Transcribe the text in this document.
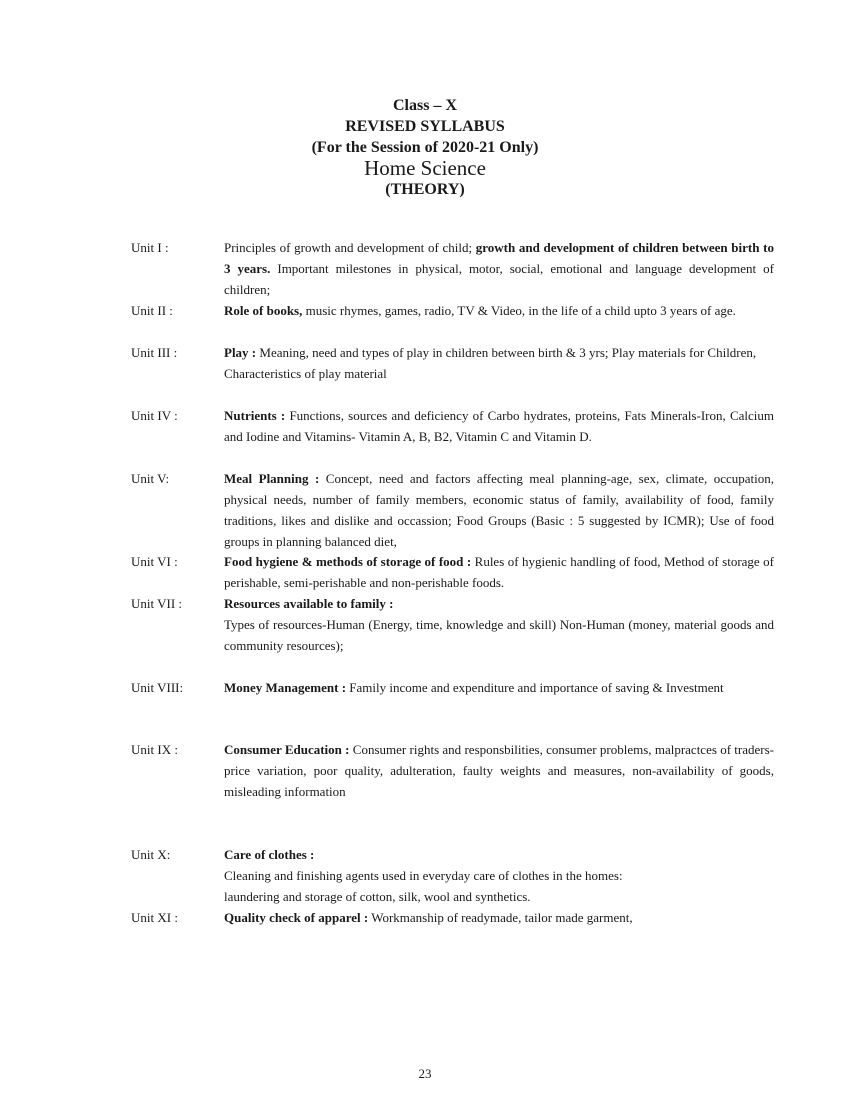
Class – X
REVISED SYLLABUS
(For the Session of 2020-21 Only)
Home Science
(THEORY)
Unit I :	Principles of growth and development of child; growth and development of children between birth to 3 years. Important milestones in physical, motor, social, emotional and language development of children;
Unit II :	Role of books, music rhymes, games, radio, TV & Video, in the life of a child upto 3 years of age.
Unit III :	Play : Meaning, need and types of play in children between birth & 3 yrs; Play materials for Children, Characteristics of play material
Unit IV :	Nutrients : Functions, sources and deficiency of Carbo hydrates, proteins, Fats Minerals-Iron, Calcium and Iodine and Vitamins- Vitamin A, B, B2, Vitamin C and Vitamin D.
Unit V:	Meal Planning : Concept, need and factors affecting meal planning-age, sex, climate, occupation, physical needs, number of family members, economic status of family, availability of food, family traditions, likes and dislike and occassion; Food Groups (Basic : 5 suggested by ICMR); Use of food groups in planning balanced diet,
Unit VI :	Food hygiene & methods of storage of food : Rules of hygienic handling of food, Method of storage of perishable, semi-perishable and non-perishable foods.
Unit VII :	Resources available to family :
Types of resources-Human (Energy, time, knowledge and skill) Non-Human (money, material goods and community resources);
Unit VIII:	Money Management : Family income and expenditure and importance of saving & Investment
Unit IX :	Consumer Education : Consumer rights and responsbilities, consumer problems, malpractces of traders-price variation, poor quality, adulteration, faulty weights and measures, non-availability of goods, misleading information
Unit X:	Care of clothes :
Cleaning and finishing agents used in everyday care of clothes in the homes:
laundering and storage of cotton, silk, wool and synthetics.
Unit XI :	Quality check of apparel : Workmanship of readymade, tailor made garment,
23
